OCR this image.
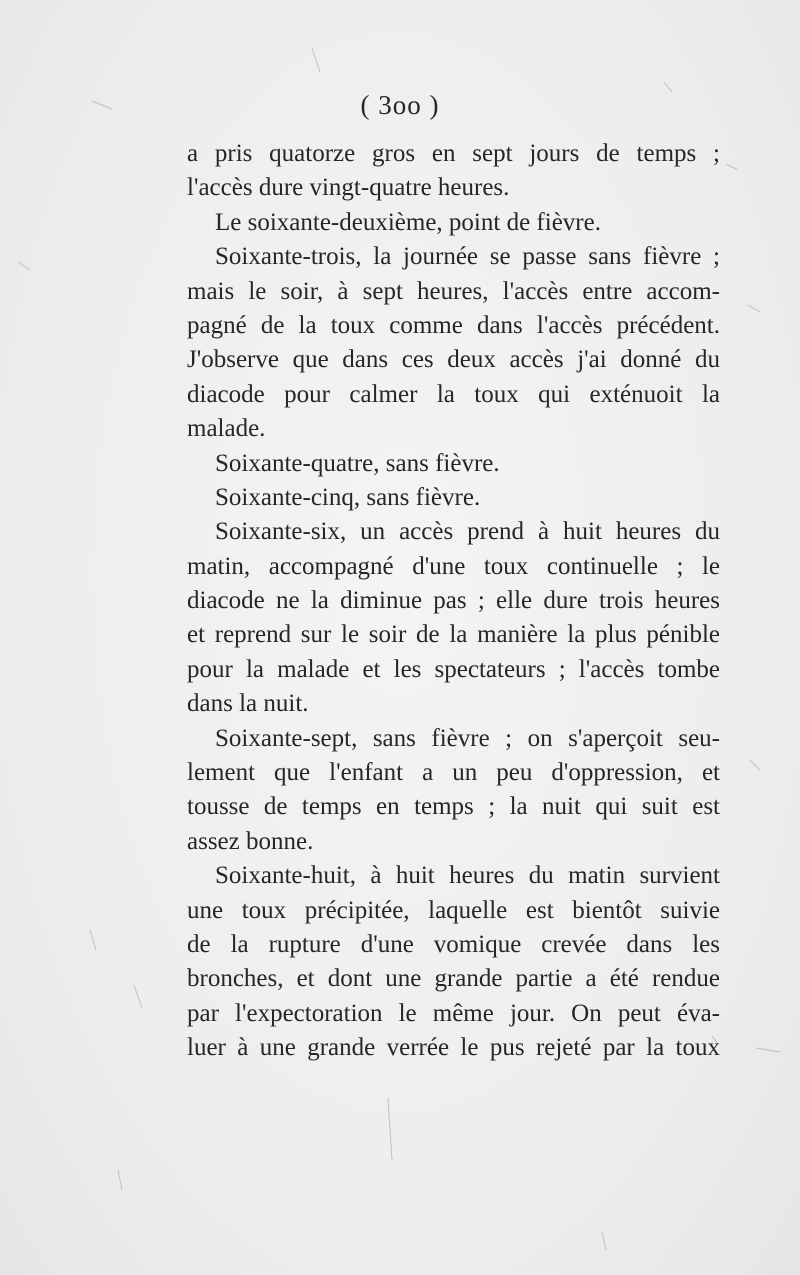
( 3oo )
a pris quatorze gros en sept jours de temps ;
l'accès dure vingt-quatre heures.
Le soixante-deuxième, point de fièvre.
Soixante-trois, la journée se passe sans fièvre ;
mais le soir, à sept heures, l'accès entre accom-
pagné de la toux comme dans l'accès précédent.
J'observe que dans ces deux accès j'ai donné du
diacode pour calmer la toux qui exténuoit la
malade.
Soixante-quatre, sans fièvre.
Soixante-cinq, sans fièvre.
Soixante-six, un accès prend à huit heures du
matin, accompagné d'une toux continuelle ; le
diacode ne la diminue pas ; elle dure trois heures
et reprend sur le soir de la manière la plus pénible
pour la malade et les spectateurs ; l'accès tombe
dans la nuit.
Soixante-sept, sans fièvre ; on s'aperçoit seu-
lement que l'enfant a un peu d'oppression, et
tousse de temps en temps ; la nuit qui suit est
assez bonne.
Soixante-huit, à huit heures du matin survient
une toux précipitée, laquelle est bientôt suivie
de la rupture d'une vomique crevée dans les
bronches, et dont une grande partie a été rendue
par l'expectoration le même jour. On peut éva-
luer à une grande verrée le pus rejeté par la toux
